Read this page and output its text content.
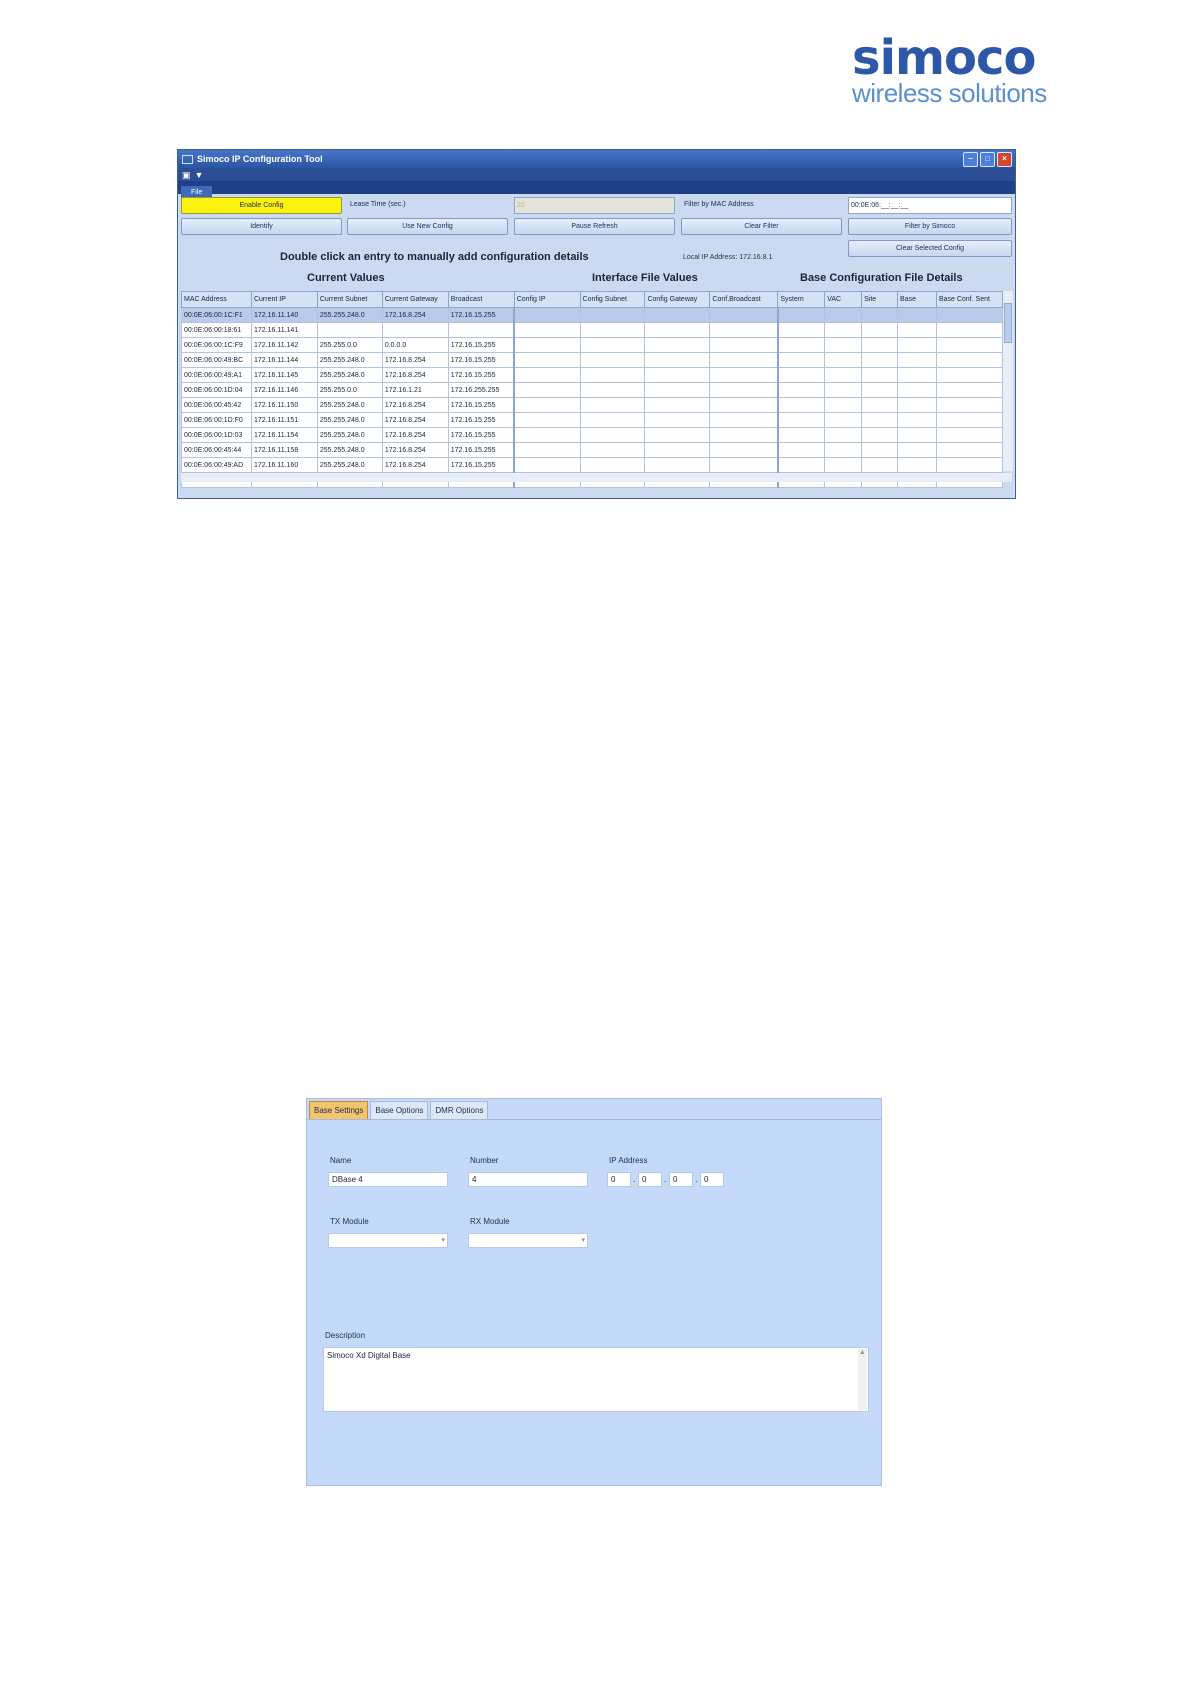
simoco
wireless solutions
Simoco IP Configuration Tool	–	□	×
▣ ▼
File
Enable Config	Lease Time (sec.)	20	Filter by MAC Address	00:0E:06:__:__:__
Identify	Use New Config	Pause Refresh	Clear Filter	Filter by Simoco
Double click an entry to manually add configuration details	Local IP Address: 172.16.8.1
Clear Selected Config
Current Values	Interface File Values	Base Configuration File Details
MAC Address	Current IP	Current Subnet	Current Gateway	Broadcast	Config IP	Config Subnet	Config Gateway	Conf.Broadcast	System	VAC	Site	Base	Base Conf. Sent
00:0E:06:00:1C:F1	172.16.11.140	255.255.248.0	172.16.8.254	172.16.15.255									
00:0E:06:00:18:61	172.16.11.141												
00:0E:06:00:1C:F9	172.16.11.142	255.255.0.0	0.0.0.0	172.16.15.255									
00:0E:06:00:49:BC	172.16.11.144	255.255.248.0	172.16.8.254	172.16.15.255									
00:0E:06:00:49:A1	172.16.11.145	255.255.248.0	172.16.8.254	172.16.15.255									
00:0E:06:00:1D:04	172.16.11.146	255.255.0.0	172.16.1.21	172.16.255.255									
00:0E:06:00:45:42	172.16.11.150	255.255.248.0	172.16.8.254	172.16.15.255									
00:0E:06:00:1D:F0	172.16.11.151	255.255.248.0	172.16.8.254	172.16.15.255									
00:0E:06:00:1D:03	172.16.11.154	255.255.248.0	172.16.8.254	172.16.15.255									
00:0E:06:00:45:44	172.16.11.158	255.255.248.0	172.16.8.254	172.16.15.255									
00:0E:06:00:49:AD	172.16.11.160	255.255.248.0	172.16.8.254	172.16.15.255									

Base Settings	Base Options	DMR Options
Name
DBase 4
Number
4
IP Address
0	. 0	. 0	. 0
TX Module
▾
RX Module
▾
Description
Simoco Xd Digital Base	▲
